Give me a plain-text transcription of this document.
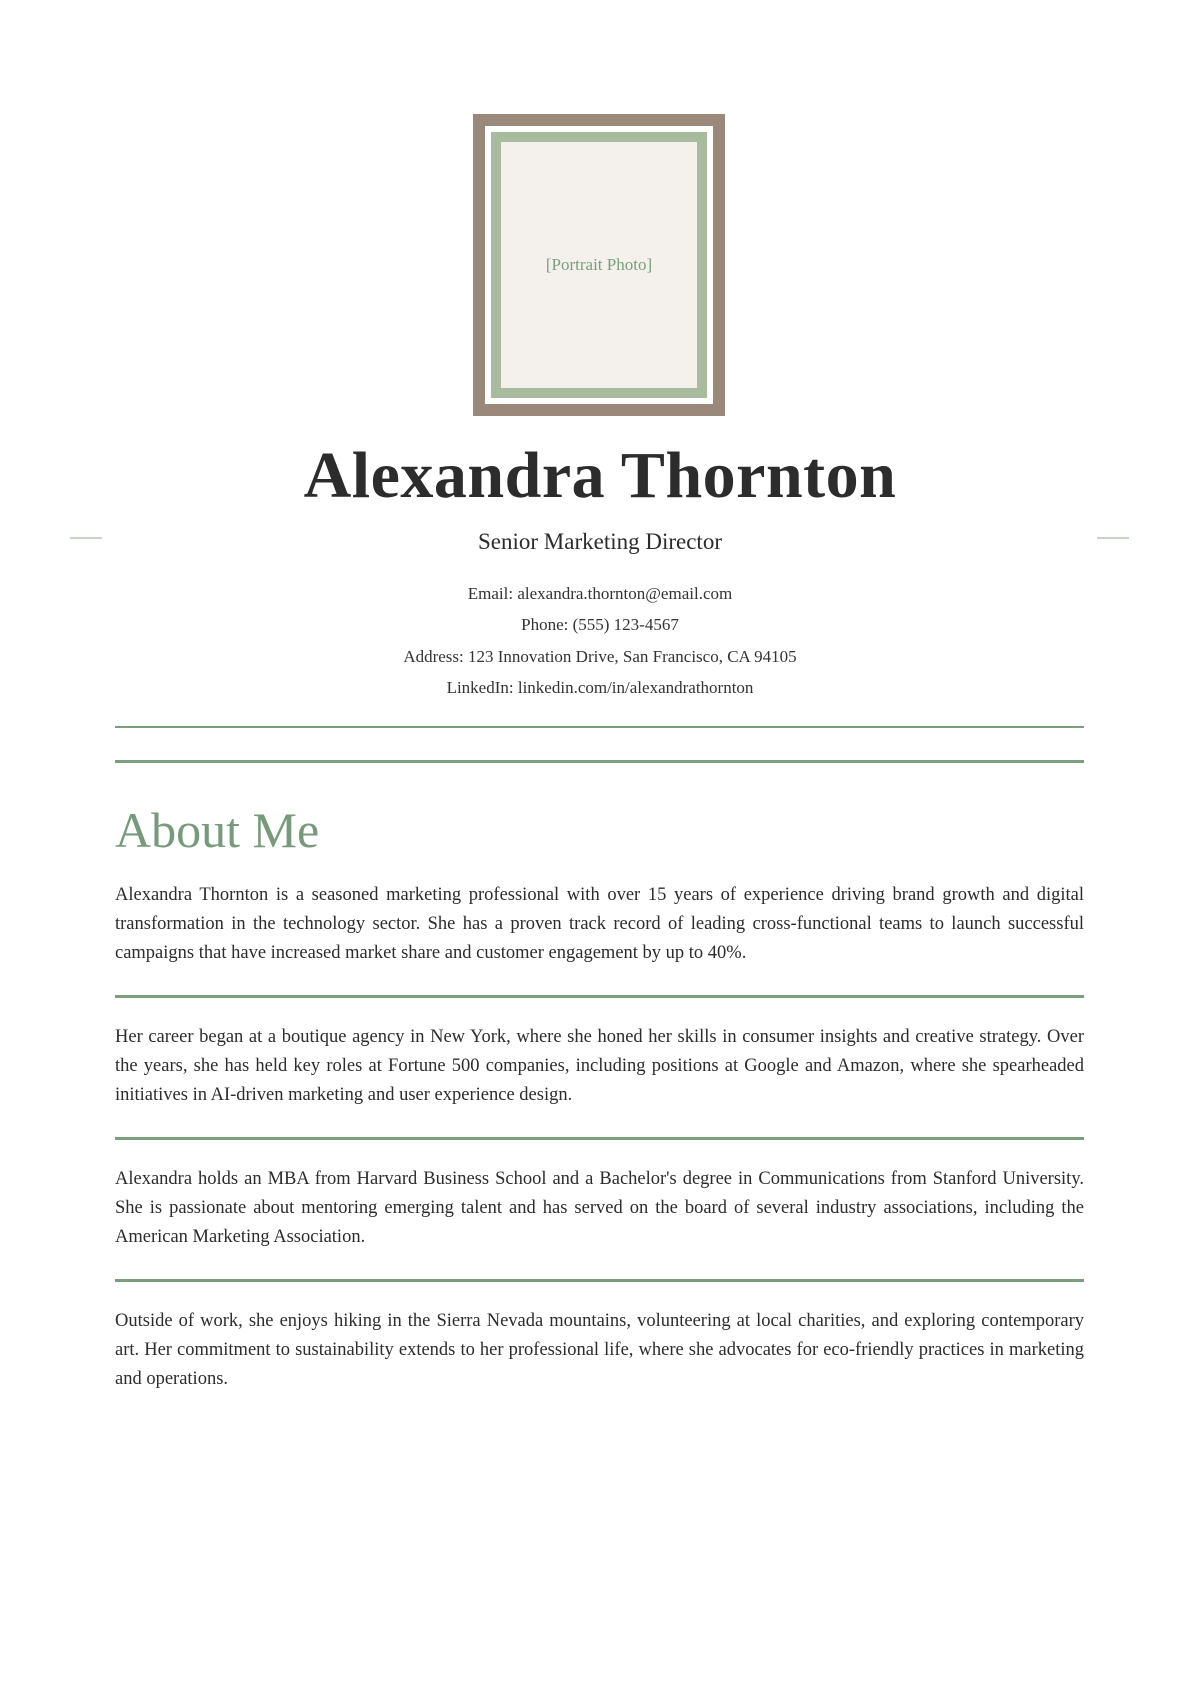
[Portrait Photo]
Alexandra Thornton
Senior Marketing Director
Email: alexandra.thornton@email.com
Phone: (555) 123-4567
Address: 123 Innovation Drive, San Francisco, CA 94105
LinkedIn: linkedin.com/in/alexandrathornton
About Me

Alexandra Thornton is a seasoned marketing professional with over 15 years of experience driving brand growth and digital transformation in the technology sector. She has a proven track record of leading cross-functional teams to launch successful campaigns that have increased market share and customer engagement by up to 40%.

Her career began at a boutique agency in New York, where she honed her skills in consumer insights and creative strategy. Over the years, she has held key roles at Fortune 500 companies, including positions at Google and Amazon, where she spearheaded initiatives in AI-driven marketing and user experience design.

Alexandra holds an MBA from Harvard Business School and a Bachelor's degree in Communications from Stanford University. She is passionate about mentoring emerging talent and has served on the board of several industry associations, including the American Marketing Association.

Outside of work, she enjoys hiking in the Sierra Nevada mountains, volunteering at local charities, and exploring contemporary art. Her commitment to sustainability extends to her professional life, where she advocates for eco-friendly practices in marketing and operations.
